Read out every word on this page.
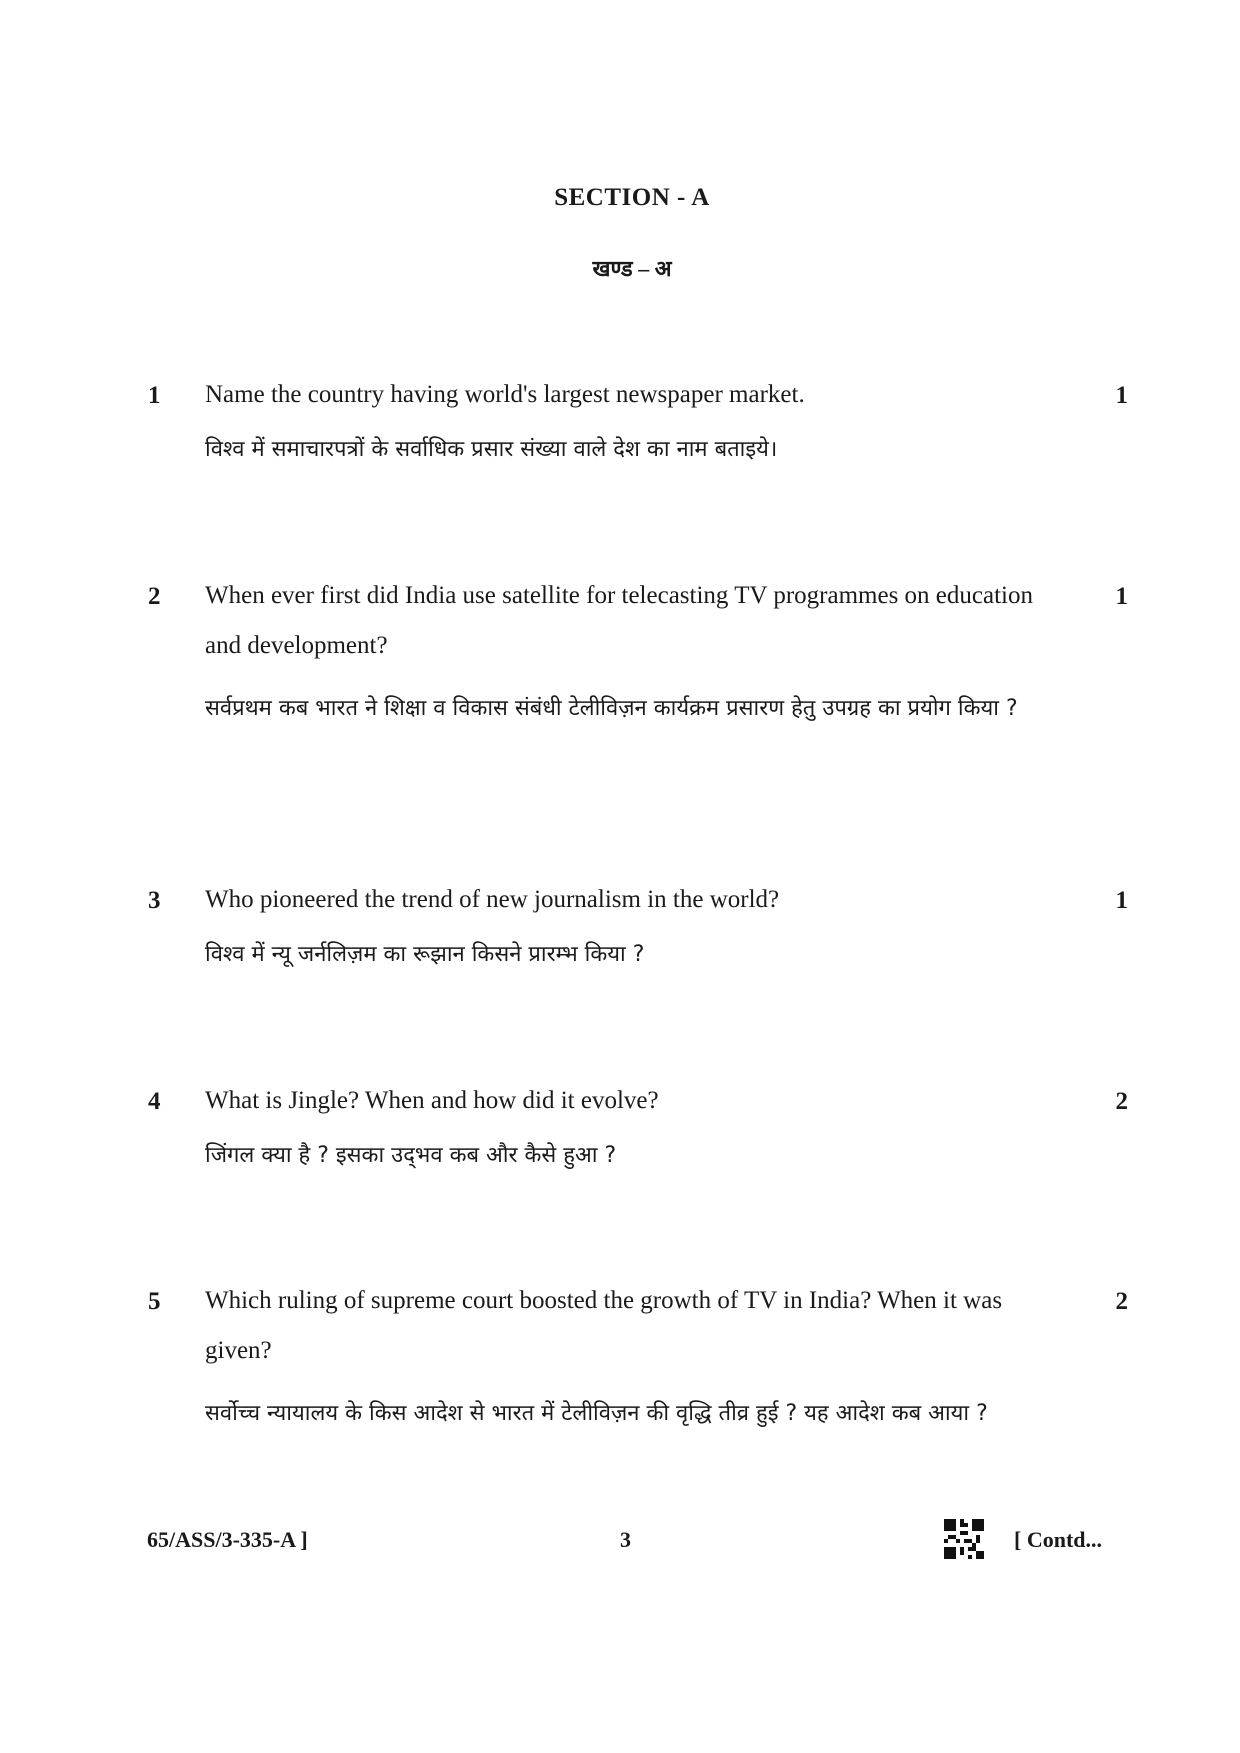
SECTION - A
खण्ड – अ
1 Name the country having world's largest newspaper market.	1
विश्व में समाचारपत्रों के सर्वाधिक प्रसार संख्या वाले देश का नाम बताइये।
2 When ever first did India use satellite for telecasting TV programmes on education and development?
1
सर्वप्रथम कब भारत ने शिक्षा व विकास संबंधी टेलीविज़न कार्यक्रम प्रसारण हेतु उपग्रह का प्रयोग किया ?
3 Who pioneered the trend of new journalism in the world?	1
विश्व में न्यू जर्नलिज़म का रूझान किसने प्रारम्भ किया ?
4 What is Jingle? When and how did it evolve?	2
जिंगल क्या है ? इसका उद्‌भव कब और कैसे हुआ ?
5 Which ruling of supreme court boosted the growth of TV in India? When it was given?
2
सर्वोच्च न्यायालय के किस आदेश से भारत में टेलीविज़न की वृद्धि तीव्र हुई ? यह आदेश कब आया ?
65/ASS/3-335-A ]	3	[ Contd...
